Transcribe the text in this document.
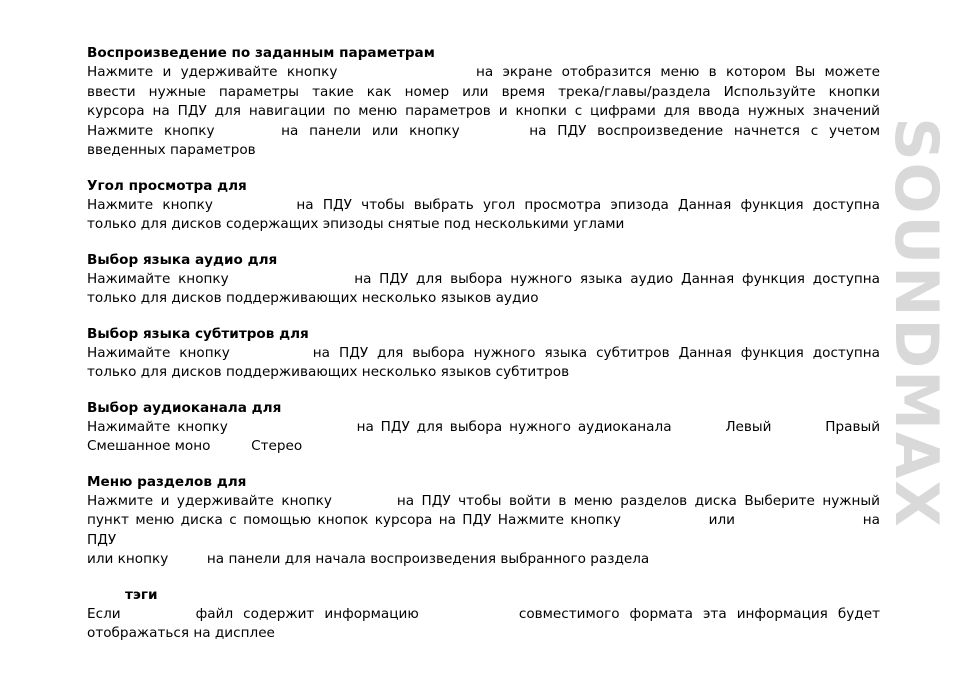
Воспроизведение по заданным параметрам

Нажмите и удерживайте кнопку	на экране отобразится меню в котором Вы можете
ввести нужные параметры такие как номер или время трека/главы/раздела Используйте кнопки
курсора на ПДУ для навигации по меню параметров и кнопки с цифрами для ввода нужных значений
Нажмите кнопку	на панели или кнопку	на ПДУ воспроизведение начнется с учетом
введенных параметров

Угол просмотра для

Нажмите кнопку	на ПДУ чтобы выбрать угол просмотра эпизода Данная функция доступна
только для дисков содержащих эпизоды снятые под несколькими углами

Выбор языка аудио для

Нажимайте кнопку	на ПДУ для выбора нужного языка аудио Данная функция доступна
только для дисков поддерживающих несколько языков аудио

Выбор языка субтитров для

Нажимайте кнопку	на ПДУ для выбора нужного языка субтитров Данная функция доступна
только для дисков поддерживающих несколько языков субтитров

Выбор аудиоканала для

Нажимайте кнопку	на ПДУ для выбора нужного аудиоканала	Левый	Правый
Смешанное моно	Стерео

Меню разделов для

Нажмите и удерживайте кнопку	на ПДУ чтобы войти в меню разделов диска Выберите нужный
пункт меню диска с помощью кнопок курсора на ПДУ Нажмите кнопку	или	на ПДУ
или кнопку	на панели для начала воспроизведения выбранного раздела

тэги

Если	файл содержит информацию	совместимого формата эта информация будет
отображаться на дисплее

SOUNDMAX
